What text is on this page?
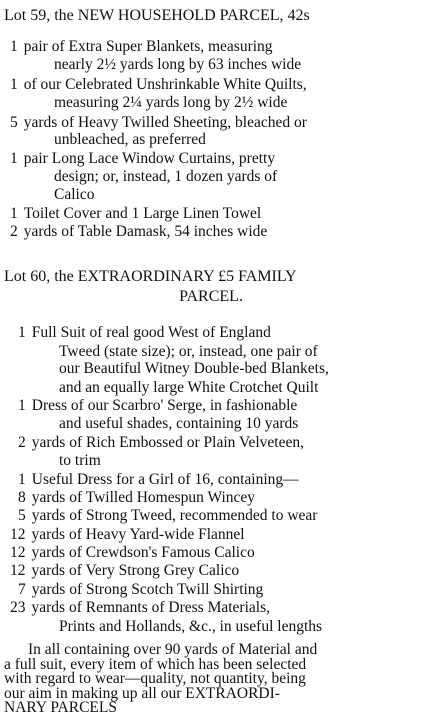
Lot 59, the NEW HOUSEHOLD PARCEL, 42s
1 pair of Extra Super Blankets, measuring
nearly 2½ yards long by 63 inches wide
1 of our Celebrated Unshrinkable White Quilts,
measuring 2¼ yards long by 2½ wide
5 yards of Heavy Twilled Sheeting, bleached or
unbleached, as preferred
1 pair Long Lace Window Curtains, pretty
design; or, instead, 1 dozen yards of
Calico
1 Toilet Cover and 1 Large Linen Towel
2 yards of Table Damask, 54 inches wide
Lot 60, the EXTRAORDINARY £5 FAMILY
PARCEL.
1 Full Suit of real good West of England
Tweed (state size); or, instead, one pair of
our Beautiful Witney Double-bed Blankets,
and an equally large White Crotchet Quilt
1 Dress of our Scarbro' Serge, in fashionable
and useful shades, containing 10 yards
2 yards of Rich Embossed or Plain Velveteen,
to trim
1 Useful Dress for a Girl of 16, containing—
8 yards of Twilled Homespun Wincey
5 yards of Strong Tweed, recommended to wear
12 yards of Heavy Yard-wide Flannel
12 yards of Crewdson's Famous Calico
12 yards of Very Strong Grey Calico
7 yards of Strong Scotch Twill Shirting
23 yards of Remnants of Dress Materials,
Prints and Hollands, &c., in useful lengths
In all containing over 90 yards of Material and
a full suit, every item of which has been selected
with regard to wear—quality, not quantity, being
our aim in making up all our EXTRAORDI-
NARY PARCELS
